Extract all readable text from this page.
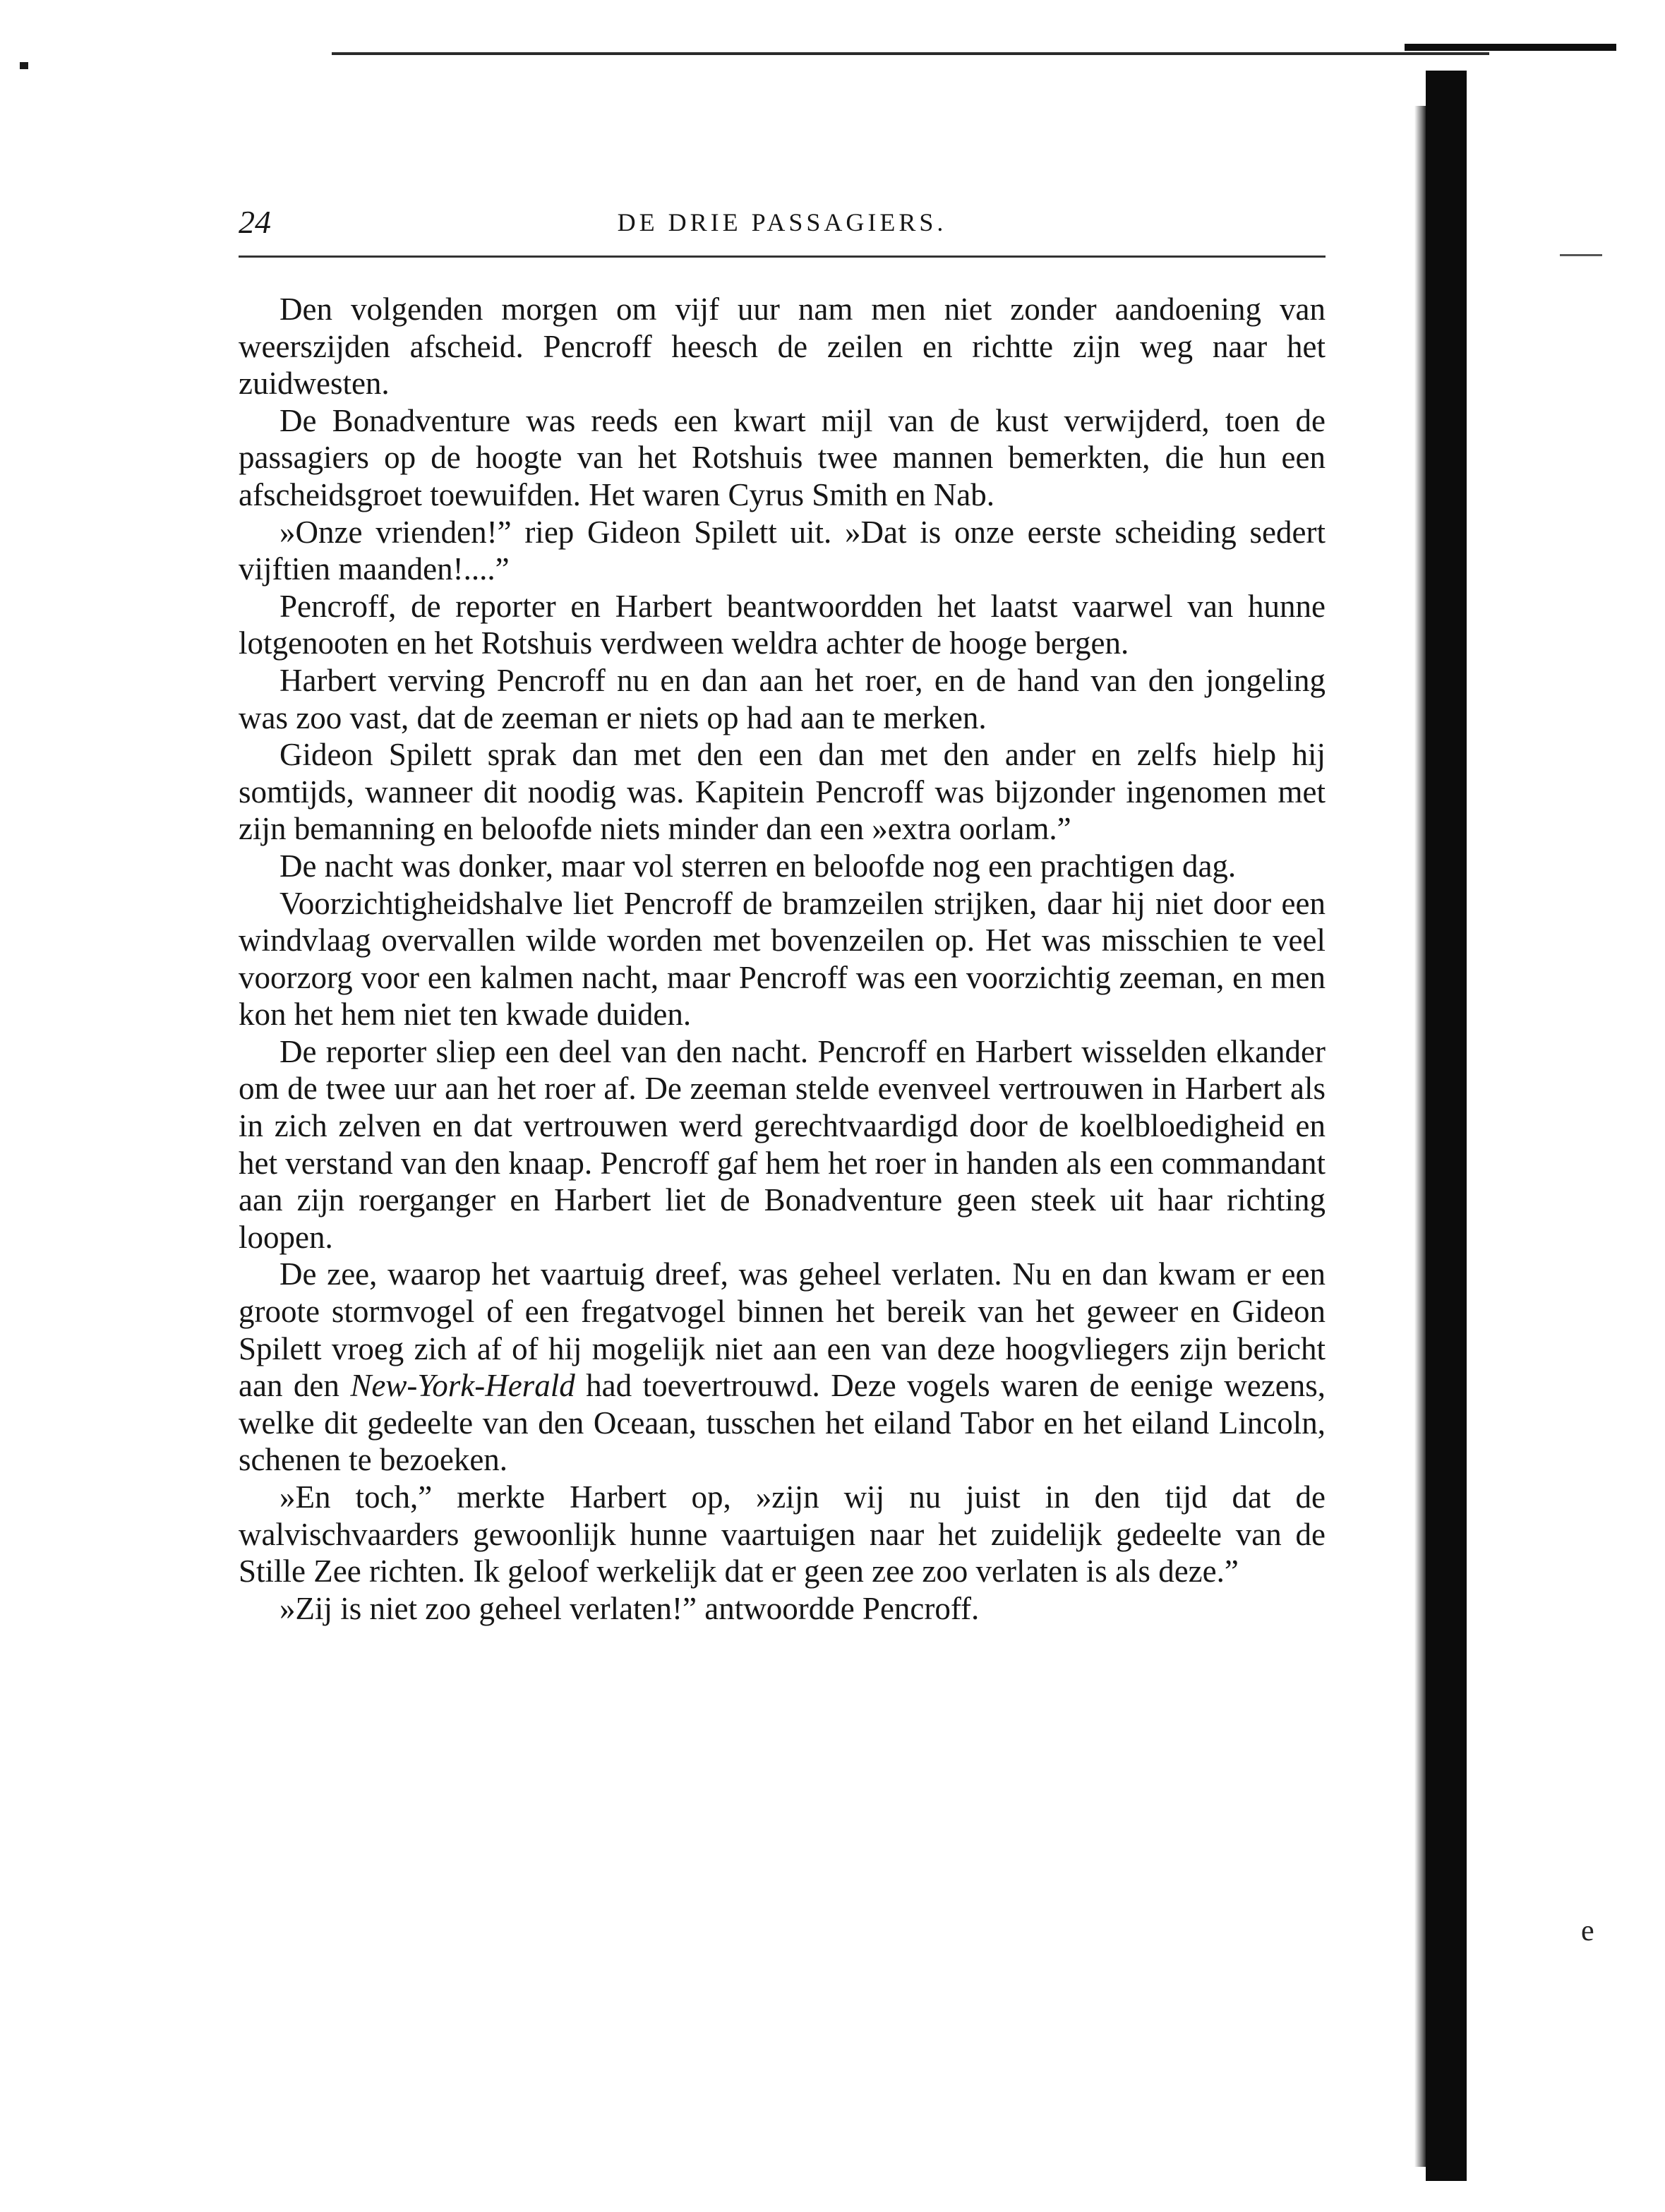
e
24	DE DRIE PASSAGIERS.

Den volgenden morgen om vijf uur nam men niet zonder aandoening van weerszijden afscheid. Pencroff heesch de zeilen en richtte zijn weg naar het zuidwesten.

De Bonadventure was reeds een kwart mijl van de kust verwijderd, toen de passagiers op de hoogte van het Rotshuis twee mannen bemerkten, die hun een afscheidsgroet toewuifden. Het waren Cyrus Smith en Nab.

»Onze vrienden!” riep Gideon Spilett uit. »Dat is onze eerste scheiding sedert vijftien maanden!....”

Pencroff, de reporter en Harbert beantwoordden het laatst vaarwel van hunne lotgenooten en het Rotshuis verdween weldra achter de hooge bergen.

Harbert verving Pencroff nu en dan aan het roer, en de hand van den jongeling was zoo vast, dat de zeeman er niets op had aan te merken.

Gideon Spilett sprak dan met den een dan met den ander en zelfs hielp hij somtijds, wanneer dit noodig was. Kapitein Pencroff was bijzonder ingenomen met zijn bemanning en beloofde niets minder dan een »extra oorlam.”

De nacht was donker, maar vol sterren en beloofde nog een prachtigen dag.

Voorzichtigheidshalve liet Pencroff de bramzeilen strijken, daar hij niet door een windvlaag overvallen wilde worden met bovenzeilen op. Het was misschien te veel voorzorg voor een kalmen nacht, maar Pencroff was een voorzichtig zeeman, en men kon het hem niet ten kwade duiden.

De reporter sliep een deel van den nacht. Pencroff en Harbert wisselden elkander om de twee uur aan het roer af. De zeeman stelde evenveel vertrouwen in Harbert als in zich zelven en dat vertrouwen werd gerechtvaardigd door de koelbloedigheid en het verstand van den knaap. Pencroff gaf hem het roer in handen als een commandant aan zijn roerganger en Harbert liet de Bonadventure geen steek uit haar richting loopen.

De zee, waarop het vaartuig dreef, was geheel verlaten. Nu en dan kwam er een groote stormvogel of een fregatvogel binnen het bereik van het geweer en Gideon Spilett vroeg zich af of hij mogelijk niet aan een van deze hoogvliegers zijn bericht aan den New-York-Herald had toevertrouwd. Deze vogels waren de eenige wezens, welke dit gedeelte van den Oceaan, tusschen het eiland Tabor en het eiland Lincoln, schenen te bezoeken.

»En toch,” merkte Harbert op, »zijn wij nu juist in den tijd dat de walvischvaarders gewoonlijk hunne vaartuigen naar het zuidelijk gedeelte van de Stille Zee richten. Ik geloof werkelijk dat er geen zee zoo verlaten is als deze.”

»Zij is niet zoo geheel verlaten!” antwoordde Pencroff.
